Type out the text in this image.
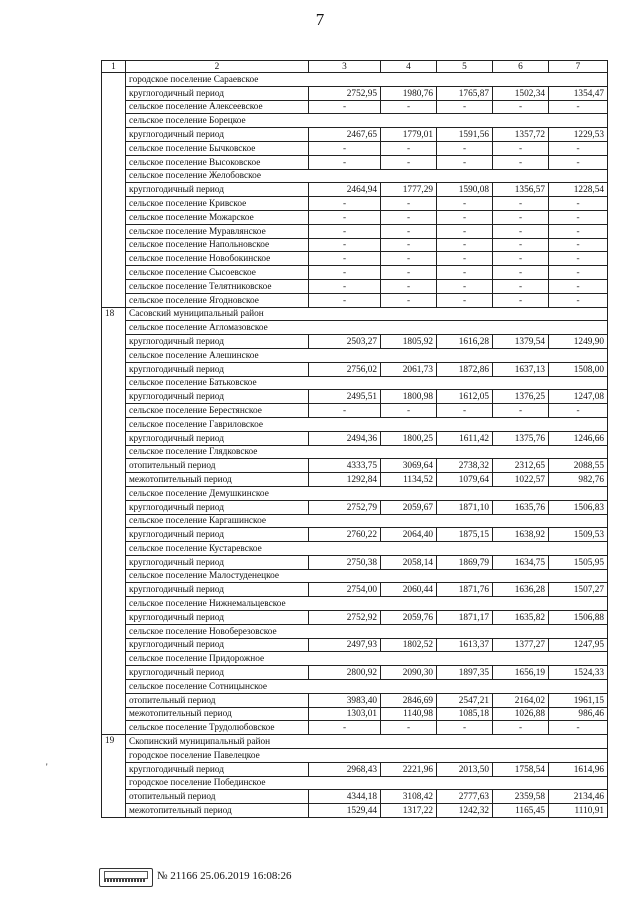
7
1	2	3	4	5	6	7
	городское поселение Сараевское					
	круглогодичный период	2752,95	1980,76	1765,87	1502,34	1354,47
	сельское поселение Алексеевское	-	-	-	-	-
	сельское поселение Борецкое					
	круглогодичный период	2467,65	1779,01	1591,56	1357,72	1229,53
	сельское поселение Бычковское	-	-	-	-	-
	сельское поселение Высоковское	-	-	-	-	-
	сельское поселение Желобовское					
	круглогодичный период	2464,94	1777,29	1590,08	1356,57	1228,54
	сельское поселение Кривское	-	-	-	-	-
	сельское поселение Можарское	-	-	-	-	-
	сельское поселение Муравлянское	-	-	-	-	-
	сельское поселение Напольновское	-	-	-	-	-
	сельское поселение Новобокинское	-	-	-	-	-
	сельское поселение Сысоевское	-	-	-	-	-
	сельское поселение Телятниковское	-	-	-	-	-
	сельское поселение Ягодновское	-	-	-	-	-
18	Сасовский муниципальный район					
	сельское поселение Агломазовское					
	круглогодичный период	2503,27	1805,92	1616,28	1379,54	1249,90
	сельское поселение Алешинское					
	круглогодичный период	2756,02	2061,73	1872,86	1637,13	1508,00
	сельское поселение Батьковское					
	круглогодичный период	2495,51	1800,98	1612,05	1376,25	1247,08
	сельское поселение Берестянское	-	-	-	-	-
	сельское поселение Гавриловское					
	круглогодичный период	2494,36	1800,25	1611,42	1375,76	1246,66
	сельское поселение Глядковское					
	отопительный период	4333,75	3069,64	2738,32	2312,65	2088,55
	межотопительный период	1292,84	1134,52	1079,64	1022,57	982,76
	сельское поселение Демушкинское					
	круглогодичный период	2752,79	2059,67	1871,10	1635,76	1506,83
	сельское поселение Каргашинское					
	круглогодичный период	2760,22	2064,40	1875,15	1638,92	1509,53
	сельское поселение Кустаревское					
	круглогодичный период	2750,38	2058,14	1869,79	1634,75	1505,95
	сельское поселение Малостуденецкое					
	круглогодичный период	2754,00	2060,44	1871,76	1636,28	1507,27
	сельское поселение Нижнемальцевское					
	круглогодичный период	2752,92	2059,76	1871,17	1635,82	1506,88
	сельское поселение Новоберезовское					
	круглогодичный период	2497,93	1802,52	1613,37	1377,27	1247,95
	сельское поселение Придорожное					
	круглогодичный период	2800,92	2090,30	1897,35	1656,19	1524,33
	сельское поселение Сотницынское					
	отопительный период	3983,40	2846,69	2547,21	2164,02	1961,15
	межотопительный период	1303,01	1140,98	1085,18	1026,88	986,46
	сельское поселение Трудолюбовское	-	-	-	-	-
19	Скопинский муниципальный район					
	городское поселение Павелецкое					
	круглогодичный период	2968,43	2221,96	2013,50	1758,54	1614,96
	городское поселение Побединское					
	отопительный период	4344,18	3108,42	2777,63	2359,58	2134,46
	межотопительный период	1529,44	1317,22	1242,32	1165,45	1110,91
№ 21166 25.06.2019 16:08:26
'
